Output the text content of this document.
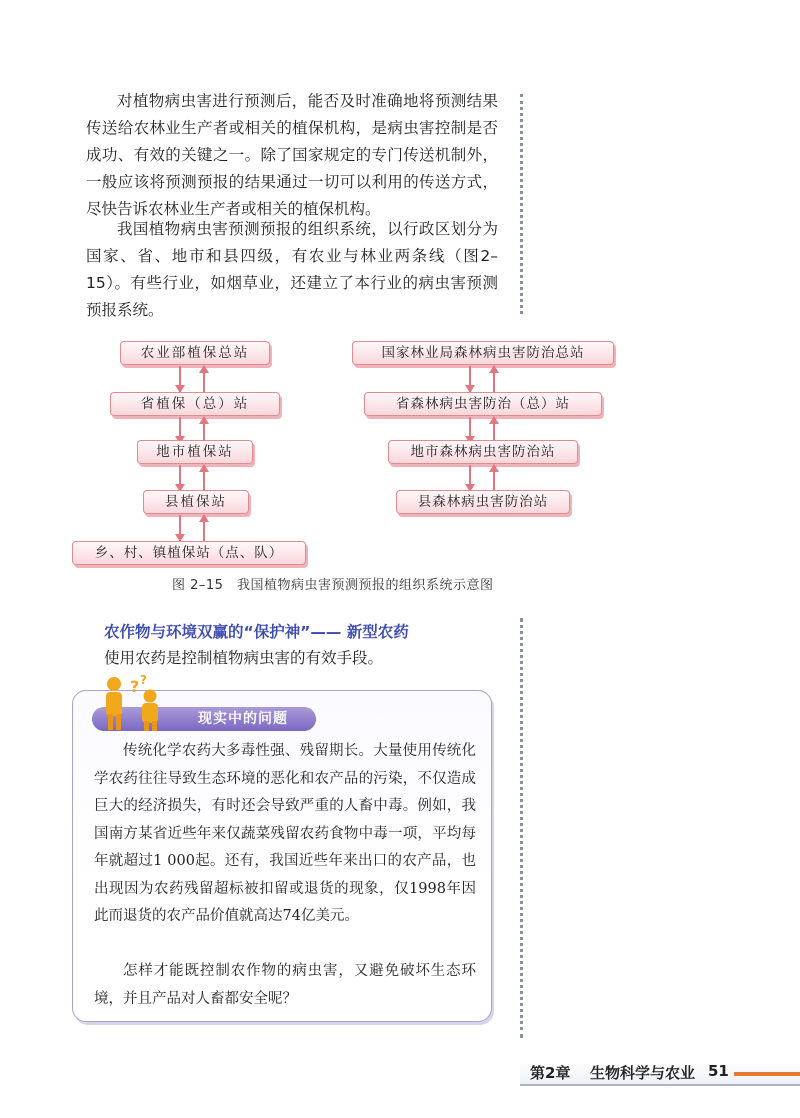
对植物病虫害进行预测后，能否及时准确地将预测结果传送给农林业生产者或相关的植保机构，是病虫害控制是否成功、有效的关键之一。除了国家规定的专门传送机制外，一般应该将预测预报的结果通过一切可以利用的传送方式，尽快告诉农林业生产者或相关的植保机构。

我国植物病虫害预测预报的组织系统，以行政区划分为国家、省、地市和县四级，有农业与林业两条线（图2–15）。有些行业，如烟草业，还建立了本行业的病虫害预测预报系统。

农业部植保总站
省植保（总）站
地市植保站
县植保站
乡、村、镇植保站（点、队）
国家林业局森林病虫害防治总站
省森林病虫害防治（总）站
地市森林病虫害防治站
县森林病虫害防治站

图 2–15　我国植物病虫害预测预报的组织系统示意图

农作物与环境双赢的“保护神”—— 新型农药

使用农药是控制植物病虫害的有效手段。

? ?

现实中的问题

传统化学农药大多毒性强、残留期长。大量使用传统化学农药往往导致生态环境的恶化和农产品的污染，不仅造成巨大的经济损失，有时还会导致严重的人畜中毒。例如，我国南方某省近些年来仅蔬菜残留农药食物中毒一项，平均每年就超过1 000起。还有，我国近些年来出口的农产品，也出现因为农药残留超标被扣留或退货的现象，仅1998年因此而退货的农产品价值就高达74亿美元。

怎样才能既控制农作物的病虫害，又避免破坏生态环境，并且产品对人畜都安全呢？

第2章 生物科学与农业 51
